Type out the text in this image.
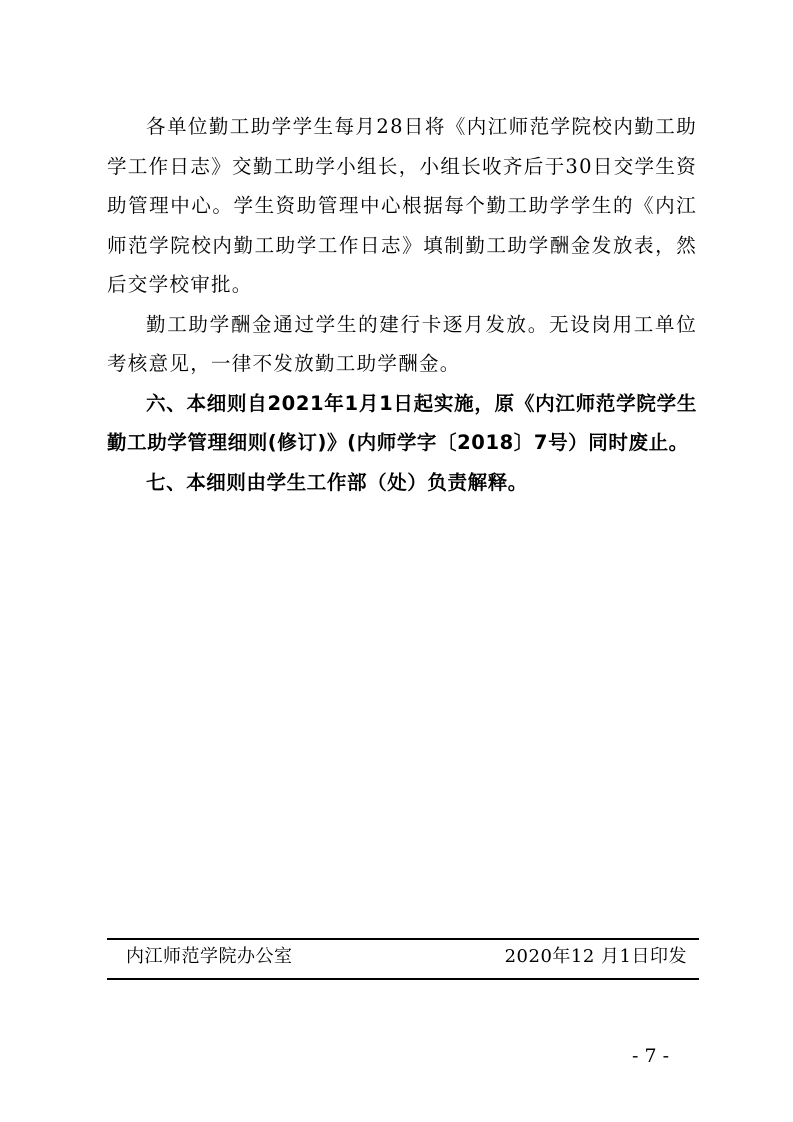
各单位勤工助学学生每月28日将《内江师范学院校内勤工助学工作日志》交勤工助学小组长，小组长收齐后于30日交学生资助管理中心。学生资助管理中心根据每个勤工助学学生的《内江师范学院校内勤工助学工作日志》填制勤工助学酬金发放表，然后交学校审批。

勤工助学酬金通过学生的建行卡逐月发放。无设岗用工单位考核意见，一律不发放勤工助学酬金。

六、本细则自2021年1月1日起实施，原《内江师范学院学生勤工助学管理细则(修订)》(内师学字〔2018〕7号）同时废止。

七、本细则由学生工作部（处）负责解释。

内江师范学院办公室	2020年12 月1日印发
- 7 -
